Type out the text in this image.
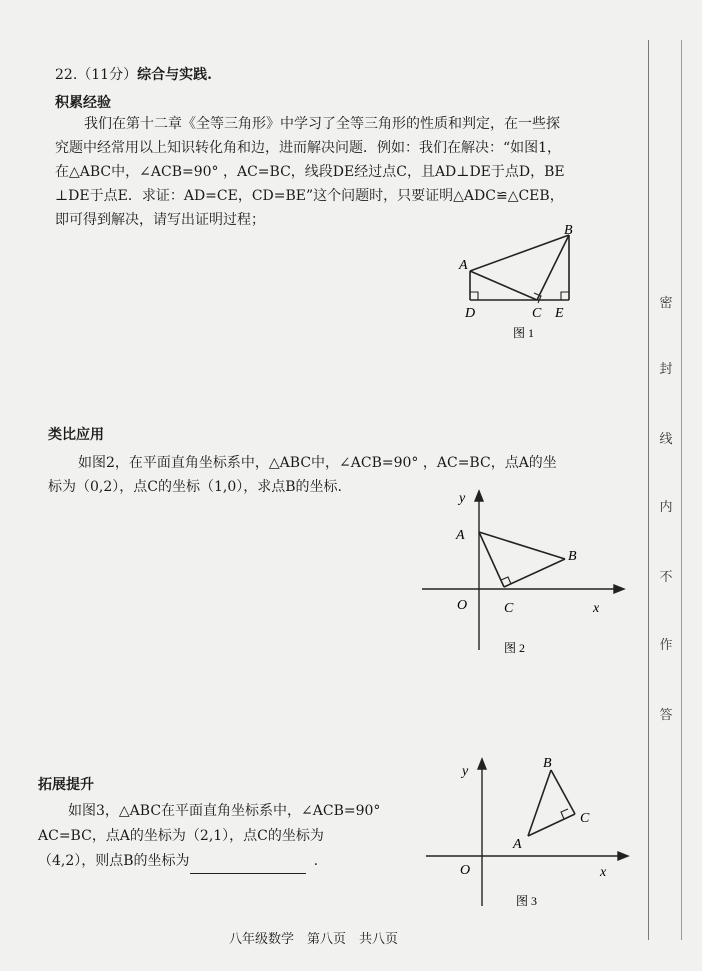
22.（11分）综合与实践.
积累经验
我们在第十二章《全等三角形》中学习了全等三角形的性质和判定，在一些探
究题中经常用以上知识转化角和边，进而解决问题．例如：我们在解决：“如图1，
在△ABC中，∠ACB=90° ，AC=BC，线段DE经过点C，且AD⊥DE于点D，BE
⊥DE于点E．求证：AD=CE，CD=BE”这个问题时，只要证明△ADC≌△CEB，
即可得到解决，请写出证明过程；
A
B
D	C E
图 1
类比应用
如图2，在平面直角坐标系中，△ABC中，∠ACB=90° ，AC=BC，点A的坐
标为（0,2），点C的坐标（1,0），求点B的坐标.
y
A
B
O	C	x
图 2
拓展提升
如图3，△ABC在平面直角坐标系中，∠ACB=90°
AC=BC，点A的坐标为（2,1），点C的坐标为
（4,2），则点B的坐标为	.
y
B
C
A
O	x
图 3
八年级数学　第八页　共八页
密
封
线
内
不
作
答
